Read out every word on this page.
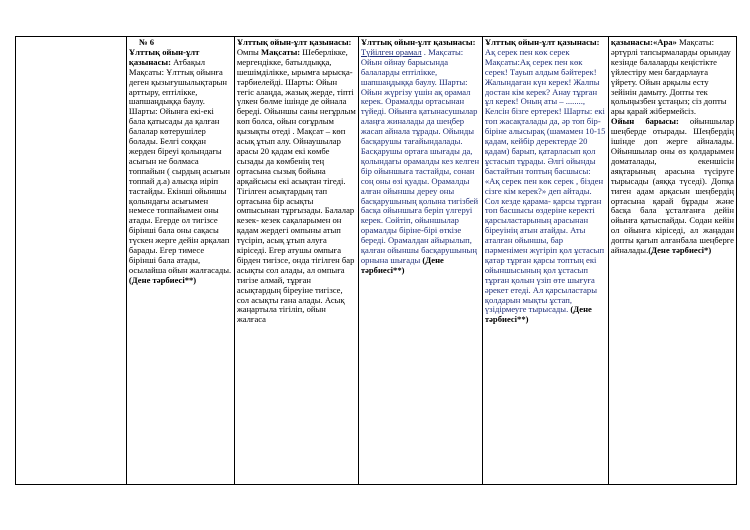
№ 6
Ұлттық ойын-ұлт қазынасы: Атбақыл Мақсаты: Ұлттық ойынға деген қызығушылықтарын арттыру, ептілікке, шапшаңдыққа баулу. Шарты: Ойынға екі-екі бала қатысады да қалған балалар көтерушілер болады. Белгі соққан жерден біреуі қолындағы асығын не болмаса топпайын ( сырдың асығын топпай д.а) алысқа иіріп тастайды. Екінші ойыншы қолындағы асығымен немесе топпайымен оны атады. Егерде ол тигізсе біріншi бала оны сақасы түскен жерге дейін арқалап барады. Егер тимесе біріншi бала атады, осылайша ойын жалғасады. (Дене тәрбиесі**)

Ұлттық ойын-ұлт қазынасы: Омпы Мақсаты: Шеберлікке, мергендікке, батылдыққа, шешімділікке, ырымға ырысқа-тәрбиелейді. Шарты: Ойын тегіс алаңда, жазық жерде, тіпті үлкен бөлме ішінде де ойнала береді. Ойыншы саны негұрлым көп болса, ойын соғұрлым қызықты өтеді . Мақсат – көп асық ұтып алу. Ойнаушылар арасы 20 қадам екі көмбе сызады да көмбенің тең ортасына сызық бойына арқайсысы екі асықтан тігеді. Тігілген асықтардың тап ортасына бір асықты омпысынан тұрғызады. Балалар кезек- кезек сақаларымен он қадам жердегі омпыны атып түсіріп, асық ұтып алуға кіріседі. Егер атушы омпыға бірден тигізсе, онда тігілген бар асықты сол алады, ал омпыға тигізе алмай, тұрған асықтардың біреуіне тигізсе, сол асықты ғана алады. Асық жаңартыла тігіліп, ойын жалғаса

Ұлттық ойын-ұлт қазынасы: Түйілген орамал . Мақсаты: Ойын ойнау барысында балаларды ептілікке, шапшаңдыққа баулу. Шарты: Ойын жүргізу үшін ақ орамал керек. Орамалды ортасынан түйеді. Ойынға қатынасушылар алаңға жиналады да шеңбер жасап айнала тұрады. Ойынды басқарушы тағайындалады. Басқарушы ортаға шығады да, қолындағы орамалды кез келген бір ойыншыға тастайды, сонан соң оны өзі қуады. Орамалды алған ойыншы дереу оны басқарушының қолына тигізбей басқа ойыншыға беріп үлгеруі керек. Сөйтіп, ойыншылар орамалды біріне-бірі өткізе береді. Орамалдан айырылып, қалған ойыншы басқарушының орнына шығады (Дене тәрбиесі**)

Ұлттық ойын-ұлт қазынасы: Ақ серек пен көк серек Мақсаты:Ақ серек пен көк серек! Тауып алдым бәйтерек! Жалындаған күн керек! Жалпы достан кім керек? Анау тұрған ұл керек! Оның аты – ........, Келсін бізге ертерек! Шарты: екі топ жасақталады да, әр топ бір-біріне алысырақ (шамамен 10-15 қадам, кейбір деректерде 20 қадам) барып, қатарласып қол ұстасып тұрады. Әлгі ойынды бастайтын топтың басшысы: «Ақ серек пен көк серек , бізден сізге кім керек?» деп айтады. Сол кезде қарама- қарсы тұрған топ басшысы өздеріне керекті қарсыластарының арасынан біреуінің атын атайды. Аты аталған ойыншы, бар пәрменімен жүгіріп қол ұстасып қатар тұрған қарсы топтың екі ойыншысының қол ұстасып тұрған қолын үзіп өте шығуға әрекет етеді. Ал қарсыластары қолдарын мықты ұстап, үзідірмеуге тырысады. (Дене тәрбиесі**)

қазынасы:«Ара» Мақсаты: әртүрлі тапсырмаларды орындау кезінде балаларды кеңістікте үйлестіру мен бағдарлауға үйрету. Ойын арқылы есту зейінін дамыту. Допты тек қолыңызбен ұстаңыз; сіз допты ары қарай жібермейсіз.
Ойын барысы: ойыншылар шеңберде отырады. Шеңбердің ішінде доп жерге айналады. Ойыншылар оны өз қолдарымен доматалады, екеншісін аяқтарының арасына түсіруге тырысады (аяққа түседі). Допқа тиген адам арқасын шеңбердің ортасына қарай бұрады және басқа бала ұсталғанға дейін ойынға қатыспайды. Содан кейін ол ойынға кіріседі, ал жаңадан допты қағып алғанбала шеңберге айналады.(Дене тәрбиесі*)
